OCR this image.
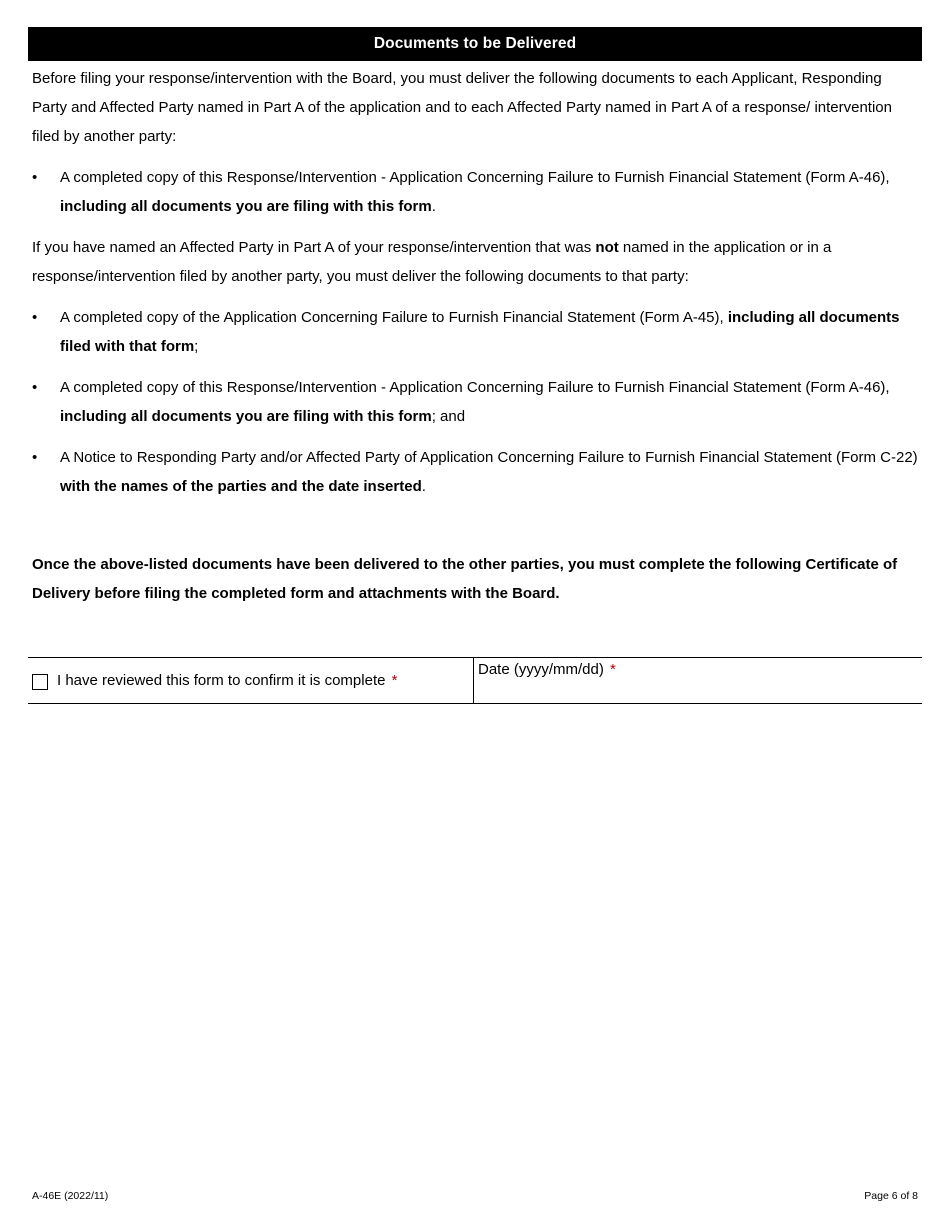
Documents to be Delivered

Before filing your response/intervention with the Board, you must deliver the following documents to each Applicant, Responding Party and Affected Party named in Part A of the application and to each Affected Party named in Part A of a response/ intervention filed by another party:

•	A completed copy of this Response/Intervention - Application Concerning Failure to Furnish Financial Statement (Form A-46), including all documents you are filing with this form.

If you have named an Affected Party in Part A of your response/intervention that was not named in the application or in a response/intervention filed by another party, you must deliver the following documents to that party:

•	A completed copy of the Application Concerning Failure to Furnish Financial Statement (Form A-45), including all documents filed with that form;
•	A completed copy of this Response/Intervention - Application Concerning Failure to Furnish Financial Statement (Form A-46), including all documents you are filing with this form; and
•	A Notice to Responding Party and/or Affected Party of Application Concerning Failure to Furnish Financial Statement (Form C-22) with the names of the parties and the date inserted.

Once the above-listed documents have been delivered to the other parties, you must complete the following Certificate of Delivery before filing the completed form and attachments with the Board.

I have reviewed this form to confirm it is complete *
Date (yyyy/mm/dd) *
A-46E (2022/11)	Page 6 of 8
